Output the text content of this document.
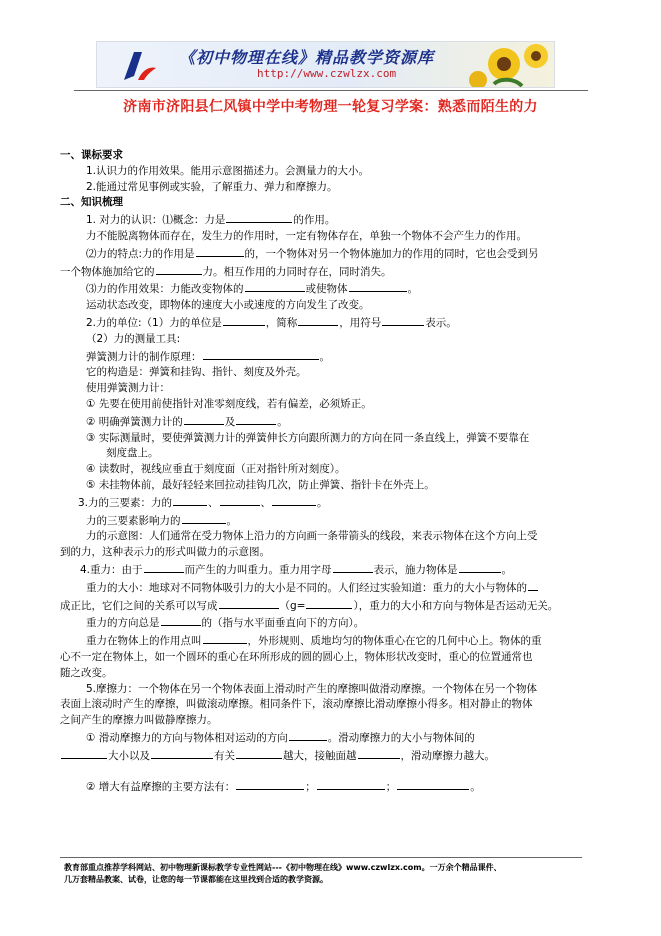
《初中物理在线》精品教学资源库
http://www.czwlzx.com
济南市济阳县仁风镇中学中考物理一轮复习学案：熟悉而陌生的力

一、课标要求

1.认识力的作用效果。能用示意图描述力。会测量力的大小。

2.能通过常见事例或实验，了解重力、弹力和摩擦力。

二、知识梳理

1. 对力的认识：⑴概念：力是	的作用。

力不能脱离物体而存在，发生力的作用时，一定有物体存在，单独一个物体不会产生力的作用。

⑵力的特点:力的作用是	的，一个物体对另一个物体施加力的作用的同时，它也会受到另

一个物体施加给它的	力。相互作用的力同时存在，同时消失。

⑶力的作用效果：力能改变物体的	或使物体	。

运动状态改变，即物体的速度大小或速度的方向发生了改变。

2.力的单位:（1）力的单位是	，简称	，用符号	表示。

（2）力的测量工具:

弹簧测力计的制作原理：	。

它的构造是：弹簧和挂钩、指针、刻度及外壳。

使用弹簧测力计：

① 先要在使用前使指针对准零刻度线，若有偏差，必须矫正。

② 明确弹簧测力计的	及	。

③ 实际测量时，要使弹簧测力计的弹簧伸长方向跟所测力的方向在同一条直线上，弹簧不要靠在

刻度盘上。

④ 读数时，视线应垂直于刻度面（正对指针所对刻度）。

⑤ 未挂物体前，最好轻轻来回拉动挂钩几次，防止弹簧、指针卡在外壳上。

3.力的三要素：力的	、	、	。

力的三要素影响力的	。

力的示意图：人们通常在受力物体上沿力的方向画一条带箭头的线段，来表示物体在这个方向上受

到的力，这种表示力的形式叫做力的示意图。

4.重力：由于	而产生的力叫重力。重力用字母	表示，施力物体是	。

重力的大小：地球对不同物体吸引力的大小是不同的。人们经过实验知道：重力的大小与物体的

成正比，它们之间的关系可以写成	（g=	），重力的大小和方向与物体是否运动无关。

重力的方向总是	的（指与水平面垂直向下的方向）。

重力在物体上的作用点叫	，外形规则、质地均匀的物体重心在它的几何中心上。物体的重

心不一定在物体上，如一个圆环的重心在环所形成的圆的圆心上，物体形状改变时，重心的位置通常也

随之改变。

5.摩擦力：一个物体在另一个物体表面上滑动时产生的摩擦叫做滑动摩擦。一个物体在另一个物体

表面上滚动时产生的摩擦，叫做滚动摩擦。相同条件下，滚动摩擦比滑动摩擦小得多。相对静止的物体

之间产生的摩擦力叫做静摩擦力。

① 滑动摩擦力的方向与物体相对运动的方向	。滑动摩擦力的大小与物体间的

大小以及	有关	越大，接触面越	，滑动摩擦力越大。

② 增大有益摩擦的主要方法有：	；	；	。

教育部重点推荐学科网站、初中物理新课标教学专业性网站---《初中物理在线》www.czwlzx.com。一万余个精品课件、

几万套精品教案、试卷，让您的每一节课都能在这里找到合适的教学资源。
